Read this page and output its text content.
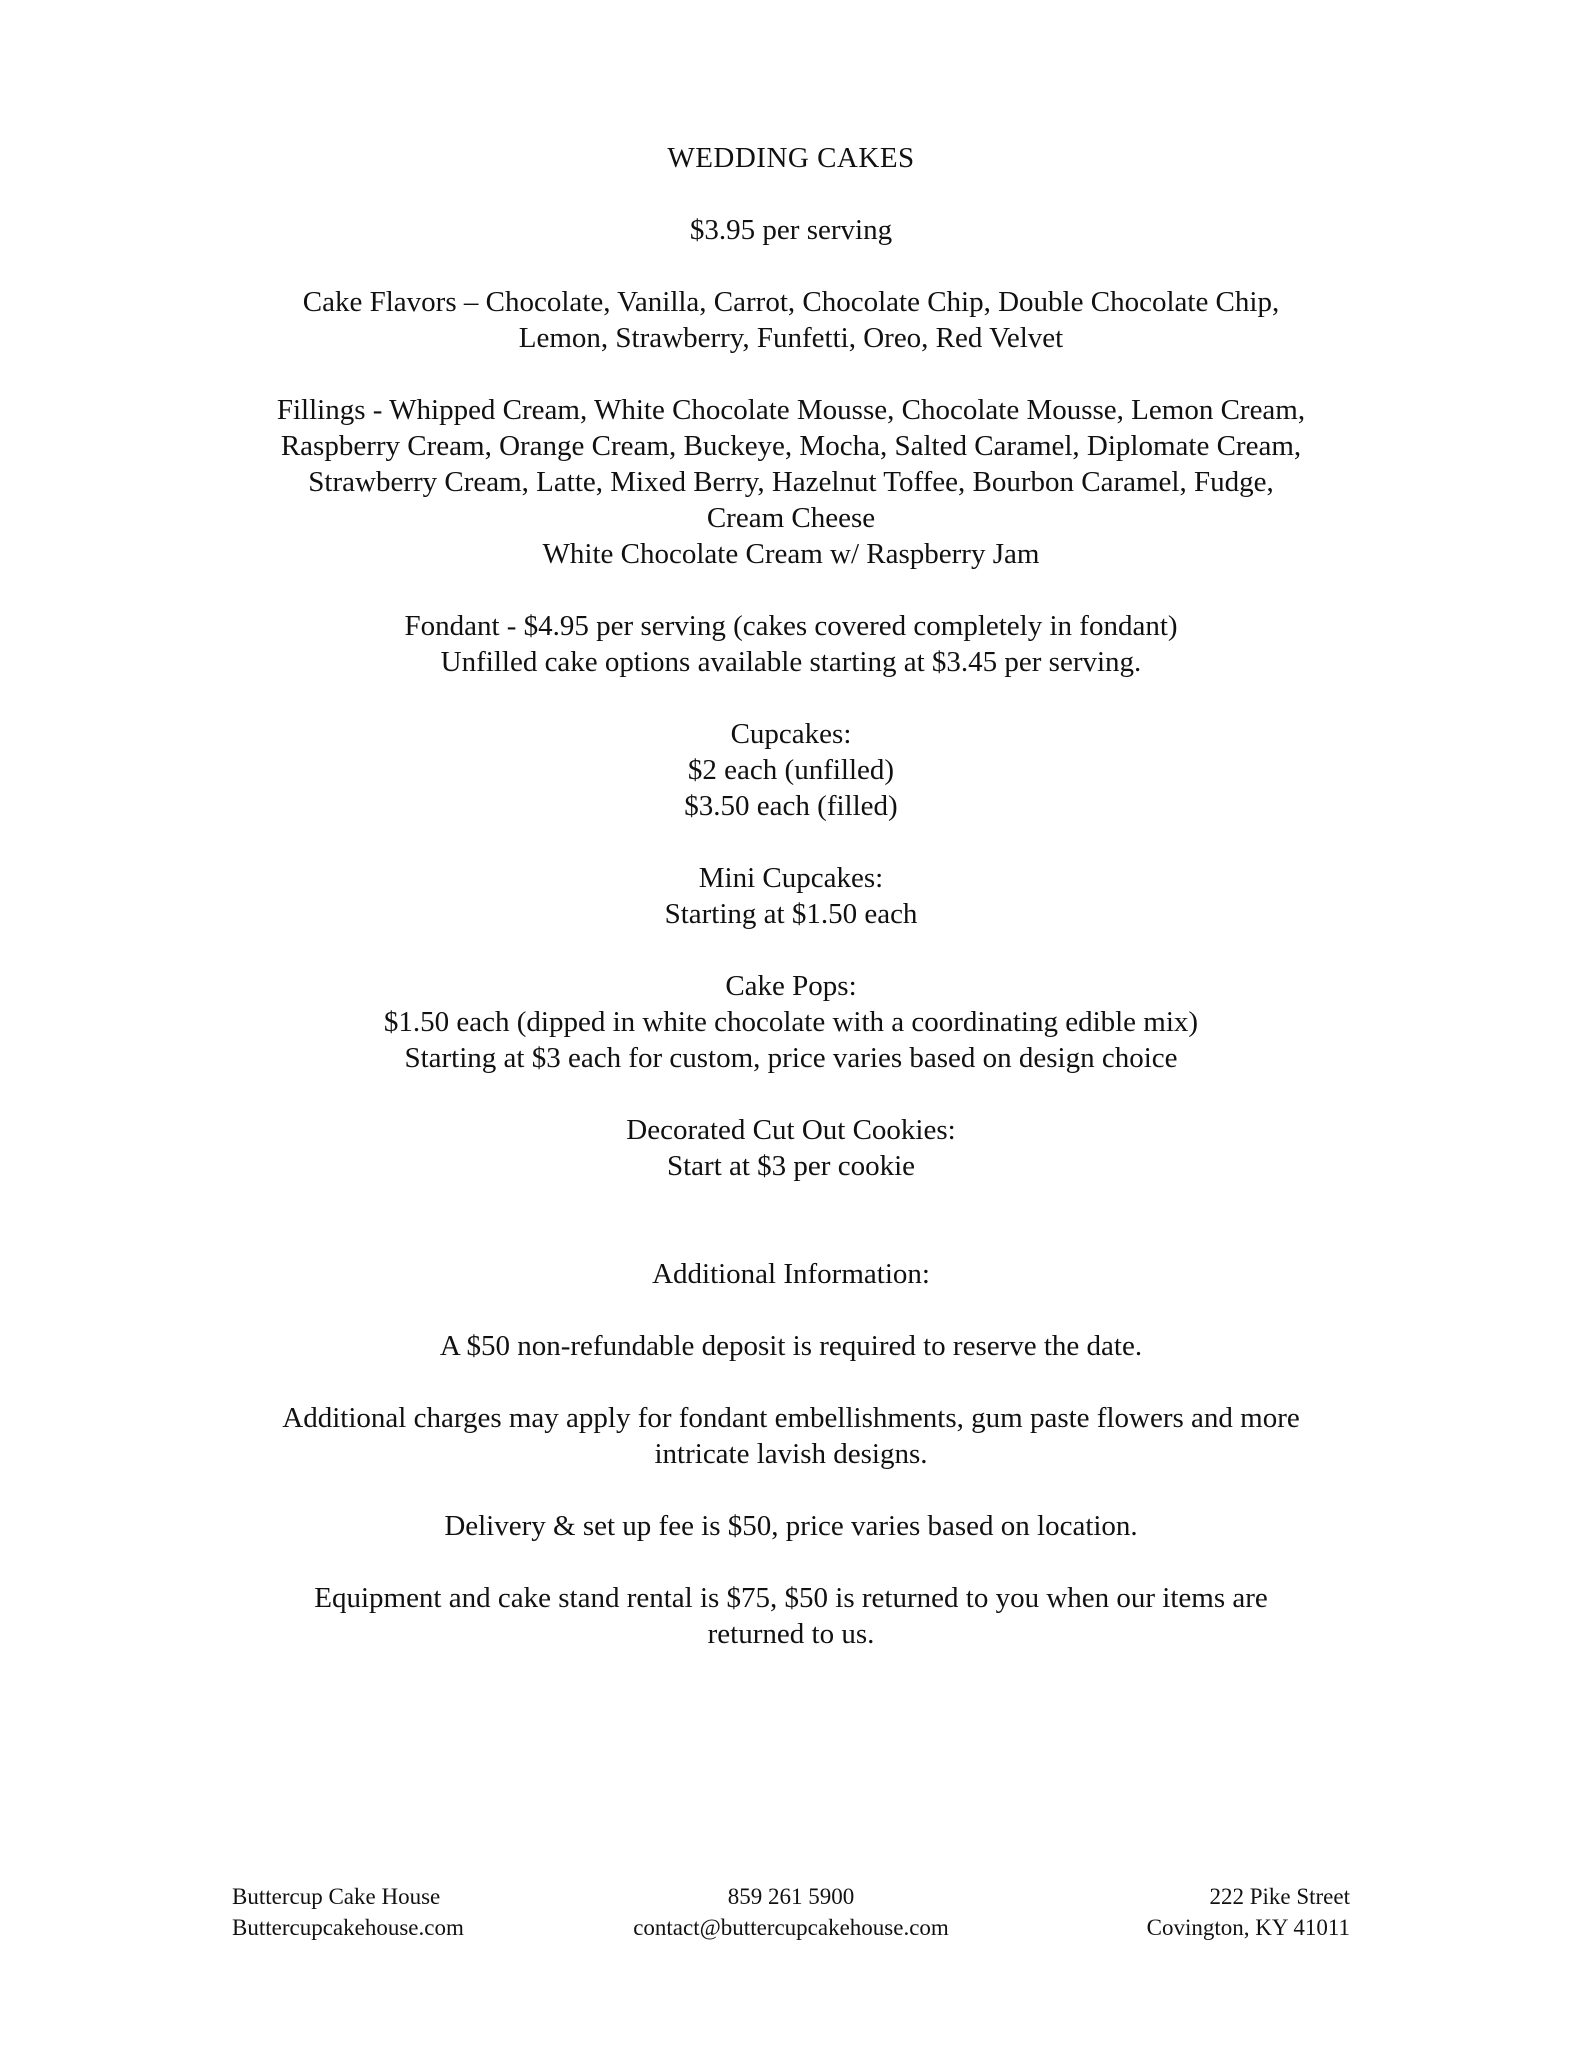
WEDDING CAKES
$3.95 per serving
Cake Flavors – Chocolate, Vanilla, Carrot, Chocolate Chip, Double Chocolate Chip,
Lemon, Strawberry, Funfetti, Oreo, Red Velvet
Fillings - Whipped Cream, White Chocolate Mousse, Chocolate Mousse, Lemon Cream,
Raspberry Cream, Orange Cream, Buckeye, Mocha, Salted Caramel, Diplomate Cream,
Strawberry Cream, Latte, Mixed Berry, Hazelnut Toffee, Bourbon Caramel, Fudge,
Cream Cheese
White Chocolate Cream w/ Raspberry Jam
Fondant - $4.95 per serving (cakes covered completely in fondant)
Unfilled cake options available starting at $3.45 per serving.
Cupcakes:
$2 each (unfilled)
$3.50 each (filled)
Mini Cupcakes:
Starting at $1.50 each
Cake Pops:
$1.50 each (dipped in white chocolate with a coordinating edible mix)
Starting at $3 each for custom, price varies based on design choice
Decorated Cut Out Cookies:
Start at $3 per cookie
Additional Information:
A $50 non-refundable deposit is required to reserve the date.
Additional charges may apply for fondant embellishments, gum paste flowers and more
intricate lavish designs.
Delivery & set up fee is $50, price varies based on location.
Equipment and cake stand rental is $75, $50 is returned to you when our items are
returned to us.
Buttercup Cake House
Buttercupcakehouse.com
859 261 5900
contact@buttercupcakehouse.com
222 Pike Street
Covington, KY 41011
